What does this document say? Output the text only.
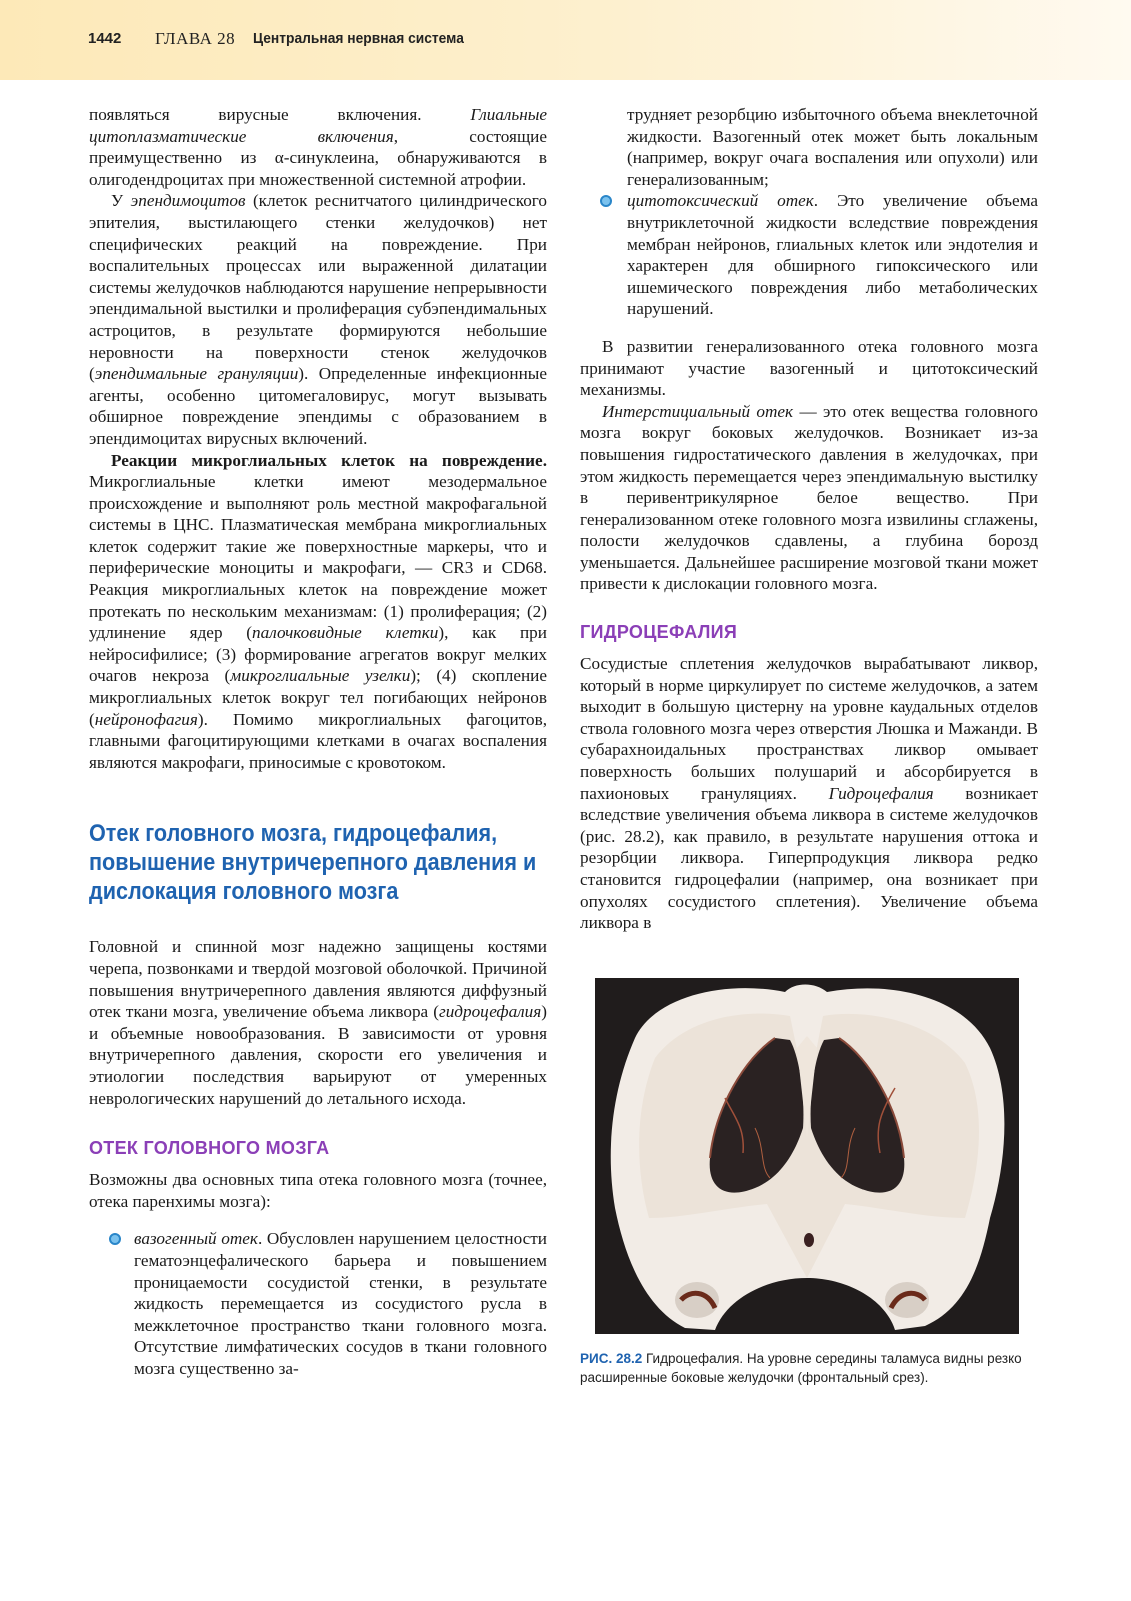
1442 ГЛАВА 28 Центральная нервная система

появляться вирусные включения. Глиальные цитоплазматические включения, состоящие преимущественно из α-синуклеина, обнаруживаются в олигодендроцитах при множественной системной атрофии.

У эпендимоцитов (клеток реснитчатого цилиндрического эпителия, выстилающего стенки желудочков) нет специфических реакций на повреждение. При воспалительных процессах или выраженной дилатации системы желудочков наблюдаются нарушение непрерывности эпендимальной выстилки и пролиферация субэпендимальных астроцитов, в результате формируются небольшие неровности на поверхности стенок желудочков (эпендимальные грануляции). Определенные инфекционные агенты, особенно цитомегаловирус, могут вызывать обширное повреждение эпендимы с образованием в эпендимоцитах вирусных включений.

Реакции микроглиальных клеток на повреждение. Микроглиальные клетки имеют мезодермальное происхождение и выполняют роль местной макрофагальной системы в ЦНС. Плазматическая мембрана микроглиальных клеток содержит такие же поверхностные маркеры, что и периферические моноциты и макрофаги, — CR3 и CD68. Реакция микроглиальных клеток на повреждение может протекать по нескольким механизмам: (1) пролиферация; (2) удлинение ядер (палочковидные клетки), как при нейросифилисе; (3) формирование агрегатов вокруг мелких очагов некроза (микроглиальные узелки); (4) скопление микроглиальных клеток вокруг тел погибающих нейронов (нейронофагия). Помимо микроглиальных фагоцитов, главными фагоцитирующими клетками в очагах воспаления являются макрофаги, приносимые с кровотоком.

Отек головного мозга, гидроцефалия, повышение внутричерепного давления и дислокация головного мозга

Головной и спинной мозг надежно защищены костями черепа, позвонками и твердой мозговой оболочкой. Причиной повышения внутричерепного давления являются диффузный отек ткани мозга, увеличение объема ликвора (гидроцефалия) и объемные новообразования. В зависимости от уровня внутричерепного давления, скорости его увеличения и этиологии последствия варьируют от умеренных неврологических нарушений до летального исхода.

ОТЕК ГОЛОВНОГО МОЗГА

Возможны два основных типа отека головного мозга (точнее, отека паренхимы мозга):

вазогенный отек. Обусловлен нарушением целостности гематоэнцефалического барьера и повышением проницаемости сосудистой стенки, в результате жидкость перемещается из сосудистого русла в межклеточное пространство ткани головного мозга. Отсутствие лимфатических сосудов в ткани головного мозга существенно за-

трудняет резорбцию избыточного объема внеклеточной жидкости. Вазогенный отек может быть локальным (например, вокруг очага воспаления или опухоли) или генерализованным;

цитотоксический отек. Это увеличение объема внутриклеточной жидкости вследствие повреждения мембран нейронов, глиальных клеток или эндотелия и характерен для обширного гипоксического или ишемического повреждения либо метаболических нарушений.

В развитии генерализованного отека головного мозга принимают участие вазогенный и цитотоксический механизмы.

Интерстициальный отек — это отек вещества головного мозга вокруг боковых желудочков. Возникает из-за повышения гидростатического давления в желудочках, при этом жидкость перемещается через эпендимальную выстилку в перивентрикулярное белое вещество. При генерализованном отеке головного мозга извилины сглажены, полости желудочков сдавлены, а глубина борозд уменьшается. Дальнейшее расширение мозговой ткани может привести к дислокации головного мозга.

ГИДРОЦЕФАЛИЯ

Сосудистые сплетения желудочков вырабатывают ликвор, который в норме циркулирует по системе желудочков, а затем выходит в большую цистерну на уровне каудальных отделов ствола головного мозга через отверстия Люшка и Мажанди. В субарахноидальных пространствах ликвор омывает поверхность больших полушарий и абсорбируется в пахионовых грануляциях. Гидроцефалия возникает вследствие увеличения объема ликвора в системе желудочков (рис. 28.2), как правило, в результате нарушения оттока и резорбции ликвора. Гиперпродукция ликвора редко становится гидроцефалии (например, она возникает при опухолях сосудистого сплетения). Увеличение объема ликвора в

РИС. 28.2 Гидроцефалия. На уровне середины таламуса видны резко расширенные боковые желудочки (фронтальный срез).
